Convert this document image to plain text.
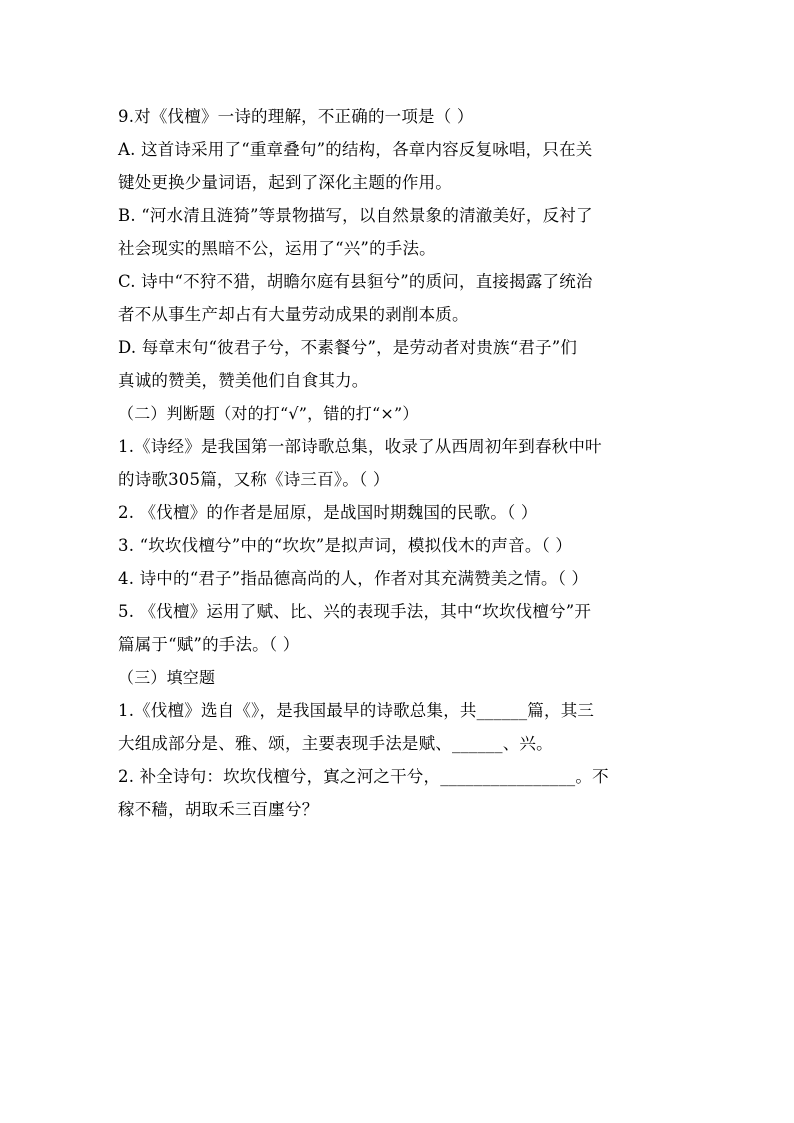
9.对《伐檀》一诗的理解，不正确的一项是（ ）
A. 这首诗采用了“重章叠句”的结构，各章内容反复咏唱，只在关
键处更换少量词语，起到了深化主题的作用。
B. “河水清且涟猗”等景物描写，以自然景象的清澈美好，反衬了
社会现实的黑暗不公，运用了“兴”的手法。
C. 诗中“不狩不猎，胡瞻尔庭有县貆兮”的质问，直接揭露了统治
者不从事生产却占有大量劳动成果的剥削本质。
D. 每章末句“彼君子兮，不素餐兮”，是劳动者对贵族“君子”们
真诚的赞美，赞美他们自食其力。
（二）判断题（对的打“√”，错的打“×”）
1.《诗经》是我国第一部诗歌总集，收录了从西周初年到春秋中叶
的诗歌305篇，又称《诗三百》。（ ）
2. 《伐檀》的作者是屈原，是战国时期魏国的民歌。（ ）
3. “坎坎伐檀兮”中的“坎坎”是拟声词，模拟伐木的声音。（ ）
4. 诗中的“君子”指品德高尚的人，作者对其充满赞美之情。（ ）
5. 《伐檀》运用了赋、比、兴的表现手法，其中“坎坎伐檀兮”开
篇属于“赋”的手法。（ ）
（三）填空题
1.《伐檀》选自《》，是我国最早的诗歌总集，共______篇，其三
大组成部分是、雅、颂，主要表现手法是赋、______、兴。
2. 补全诗句：坎坎伐檀兮，寘之河之干兮，________________。不
稼不穑，胡取禾三百廛兮？
